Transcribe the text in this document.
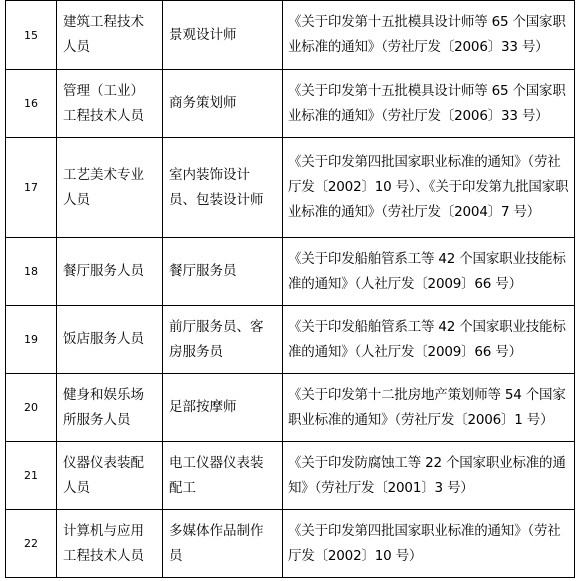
15	建筑工程技术人员	景观设计师	《关于印发第十五批模具设计师等 65 个国家职业标准的通知》（劳社厅发〔2006〕33 号）
16	管理（工业）工程技术人员	商务策划师	《关于印发第十五批模具设计师等 65 个国家职业标准的通知》（劳社厅发〔2006〕33 号）
17	工艺美术专业人员	室内装饰设计员、包装设计师	《关于印发第四批国家职业标准的通知》（劳社厅发〔2002〕10 号）、《关于印发第九批国家职业标准的通知》（劳社厅发〔2004〕7 号）
18	餐厅服务人员	餐厅服务员	《关于印发船舶管系工等 42 个国家职业技能标准的通知》（人社厅发〔2009〕66 号）
19	饭店服务人员	前厅服务员、客房服务员	《关于印发船舶管系工等 42 个国家职业技能标准的通知》（人社厅发〔2009〕66 号）
20	健身和娱乐场所服务人员	足部按摩师	《关于印发第十二批房地产策划师等 54 个国家职业标准的通知》（劳社厅发〔2006〕1 号）
21	仪器仪表装配人员	电工仪器仪表装配工	《关于印发防腐蚀工等 22 个国家职业标准的通知》（劳社厅发〔2001〕3 号）
22	计算机与应用工程技术人员	多媒体作品制作员	《关于印发第四批国家职业标准的通知》（劳社厅发〔2002〕10 号）
